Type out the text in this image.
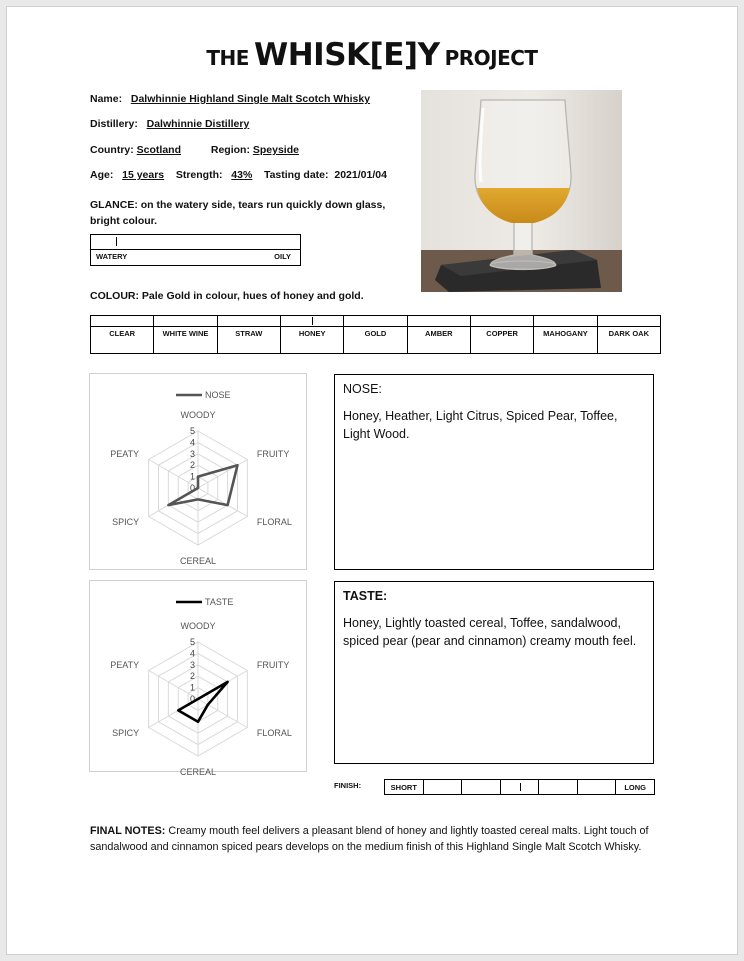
THE WHISK[E]Y PROJECT
Name: Dalwhinnie Highland Single Malt Scotch Whisky
Distillery: Dalwhinnie Distillery
Country: Scotland	Region: Speyside
Age: 15 years Strength: 43% Tasting date: 2021/01/04
GLANCE: on the watery side, tears run quickly down glass, bright colour.
WATERY	OILY
COLOUR: Pale Gold in colour, hues of honey and gold.

CLEAR	WHITE WINE	STRAW	HONEY	GOLD	AMBER	COPPER	MAHOGANY	DARK OAK
0
1
2
3
4
5
WOODY
FRUITY
FLORAL
CEREAL
SPICY
PEATY
NOSE
0
1
2
3
4
5
WOODY
FRUITY
FLORAL
CEREAL
SPICY
PEATY
TASTE
NOSE:
Honey, Heather, Light Citrus, Spiced Pear, Toffee, Light Wood.
TASTE:
Honey, Lightly toasted cereal, Toffee, sandalwood, spiced pear (pear and cinnamon) creamy mouth feel.
FINISH:	SHORT						LONG
FINAL NOTES: Creamy mouth feel delivers a pleasant blend of honey and lightly toasted cereal malts. Light touch of sandalwood and cinnamon spiced pears develops on the medium finish of this Highland Single Malt Scotch Whisky.
